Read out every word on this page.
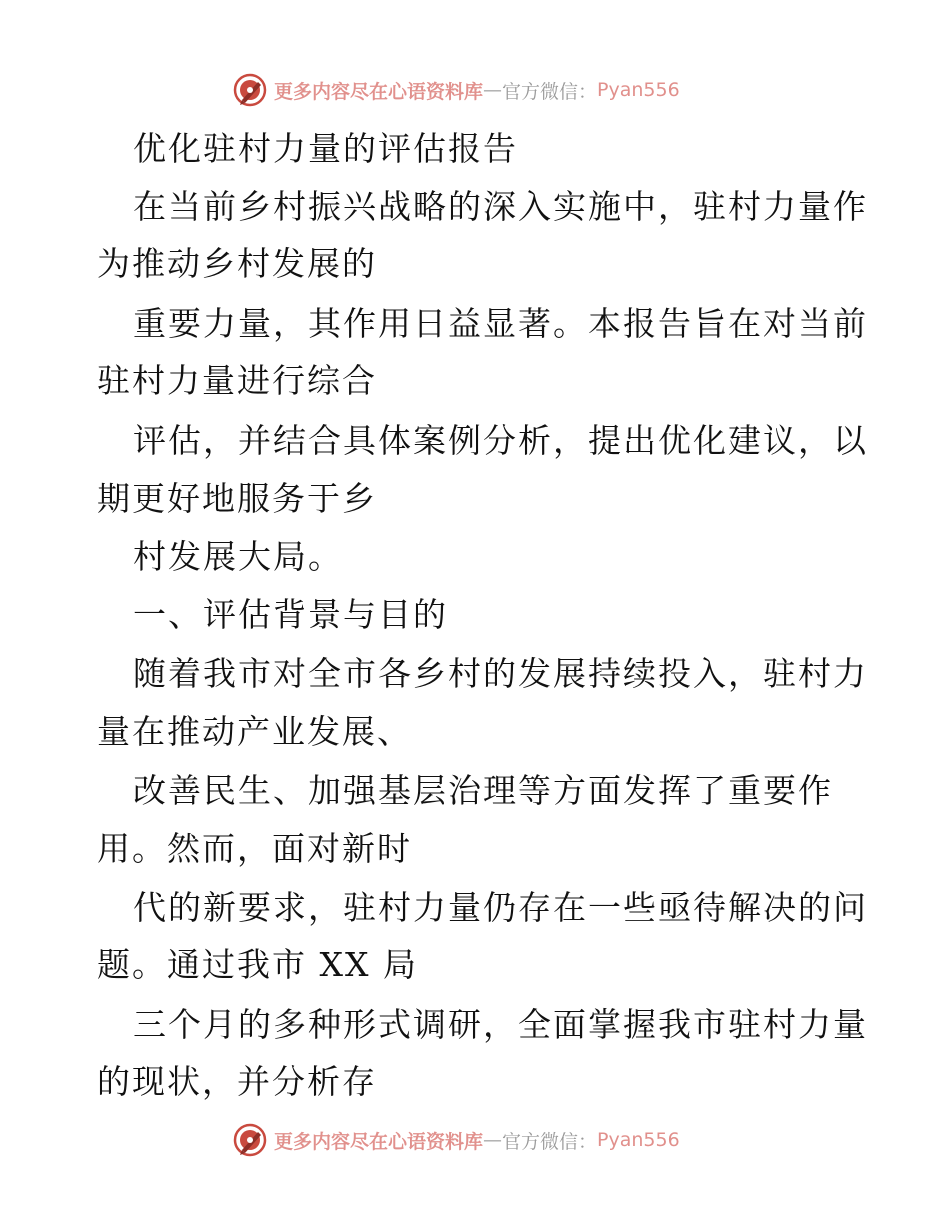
更多内容尽在心语资料库 — 官方微信： Pyan556
优化驻村力量的评估报告
在当前乡村振兴战略的深入实施中，驻村力量作
为推动乡村发展的
重要力量，其作用日益显著。本报告旨在对当前
驻村力量进行综合
评估，并结合具体案例分析，提出优化建议，以
期更好地服务于乡
村发展大局。
一、评估背景与目的
随着我市对全市各乡村的发展持续投入，驻村力
量在推动产业发展、
改善民生、加强基层治理等方面发挥了重要作
用。然而，面对新时
代的新要求，驻村力量仍存在一些亟待解决的问
题。通过我市 XX 局
三个月的多种形式调研，全面掌握我市驻村力量
的现状，并分析存
更多内容尽在心语资料库 — 官方微信： Pyan556
